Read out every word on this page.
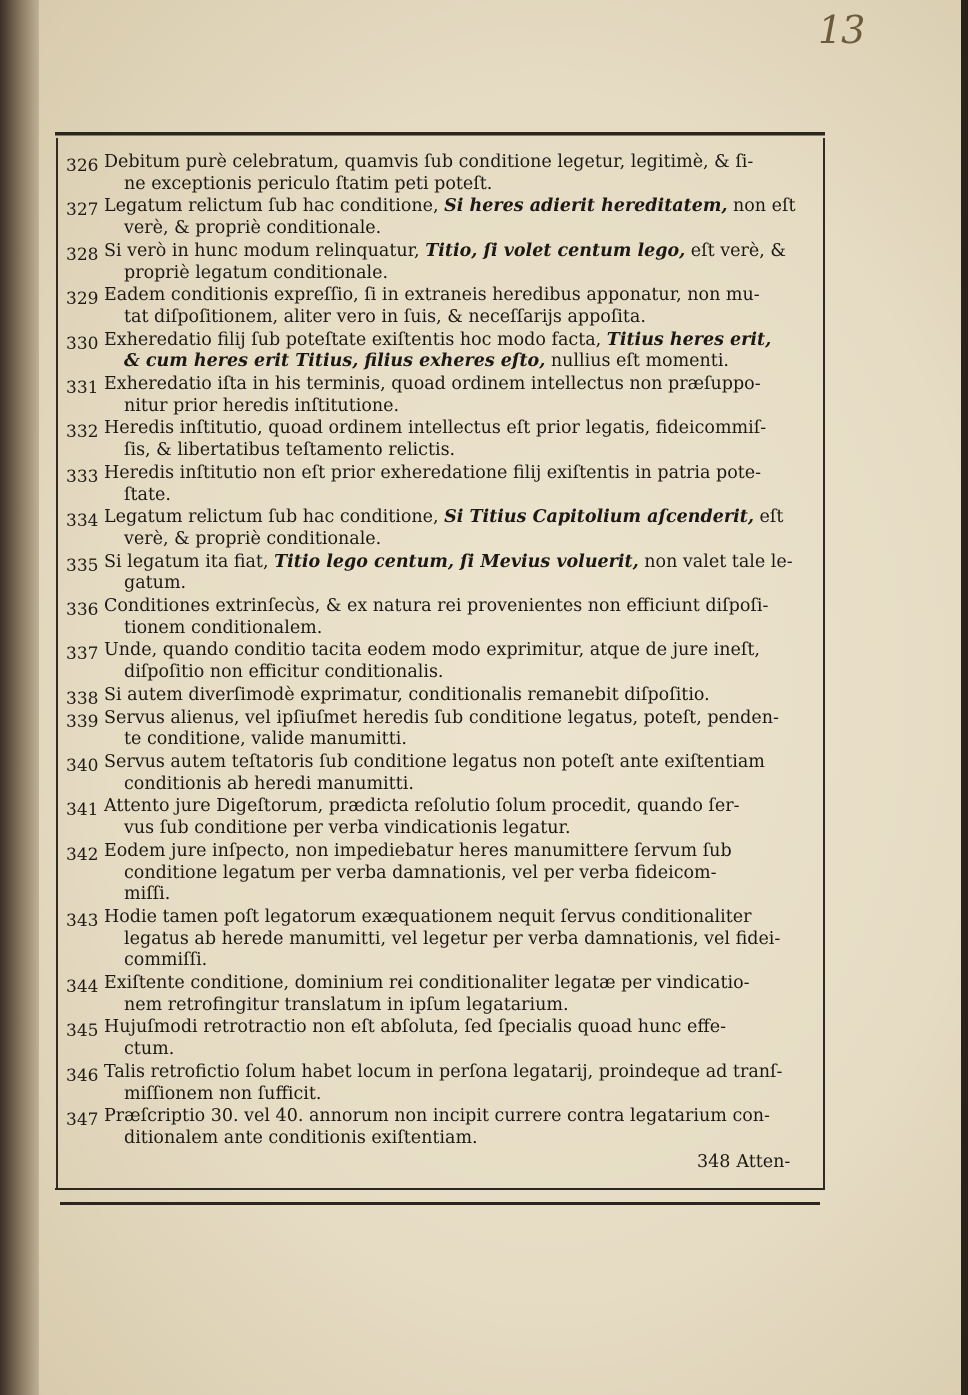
13
326 Debitum purè celebratum, quamvis ſub conditione legetur, legitimè, & ſi-
ne exceptionis periculo ſtatim peti poteſt.
327 Legatum relictum ſub hac conditione, Si heres adierit hereditatem, non eſt
verè, & propriè conditionale.
328 Si verò in hunc modum relinquatur, Titio, ſi volet centum lego, eſt verè, &
propriè legatum conditionale.
329 Eadem conditionis expreſſio, ſi in extraneis heredibus apponatur, non mu-
tat diſpoſitionem, aliter vero in ſuis, & neceſſarijs appoſita.
330 Exheredatio filij ſub poteſtate exiſtentis hoc modo facta, Titius heres erit,
& cum heres erit Titius, filius exheres eſto, nullius eſt momenti.
331 Exheredatio iſta in his terminis, quoad ordinem intellectus non præſuppo-
nitur prior heredis inſtitutione.
332 Heredis inſtitutio, quoad ordinem intellectus eſt prior legatis, fideicommiſ-
ſis, & libertatibus teſtamento relictis.
333 Heredis inſtitutio non eſt prior exheredatione filij exiſtentis in patria pote-
ſtate.
334 Legatum relictum ſub hac conditione, Si Titius Capitolium aſcenderit, eſt
verè, & propriè conditionale.
335 Si legatum ita fiat, Titio lego centum, ſi Mevius voluerit, non valet tale le-
gatum.
336 Conditiones extrinſecùs, & ex natura rei provenientes non efficiunt diſpoſi-
tionem conditionalem.
337 Unde, quando conditio tacita eodem modo exprimitur, atque de jure ineſt,
diſpoſitio non efficitur conditionalis.
338 Si autem diverſimodè exprimatur, conditionalis remanebit diſpoſitio.
339 Servus alienus, vel ipſiuſmet heredis ſub conditione legatus, poteſt, penden-
te conditione, valide manumitti.
340 Servus autem teſtatoris ſub conditione legatus non poteſt ante exiſtentiam
conditionis ab heredi manumitti.
341 Attento jure Digeſtorum, prædicta reſolutio ſolum procedit, quando ſer-
vus ſub conditione per verba vindicationis legatur.
342 Eodem jure inſpecto, non impediebatur heres manumittere ſervum ſub
conditione legatum per verba damnationis, vel per verba fideicom-
miſſi.
343 Hodie tamen poſt legatorum exæquationem nequit ſervus conditionaliter
legatus ab herede manumitti, vel legetur per verba damnationis, vel fidei-
commiſſi.
344 Exiſtente conditione, dominium rei conditionaliter legatæ per vindicatio-
nem retrofingitur translatum in ipſum legatarium.
345 Hujuſmodi retrotractio non eſt abſoluta, ſed ſpecialis quoad hunc effe-
ctum.
346 Talis retrofictio ſolum habet locum in perſona legatarij, proindeque ad tranſ-
miſſionem non ſufficit.
347 Præſcriptio 30. vel 40. annorum non incipit currere contra legatarium con-
ditionalem ante conditionis exiſtentiam.
348 Atten-
